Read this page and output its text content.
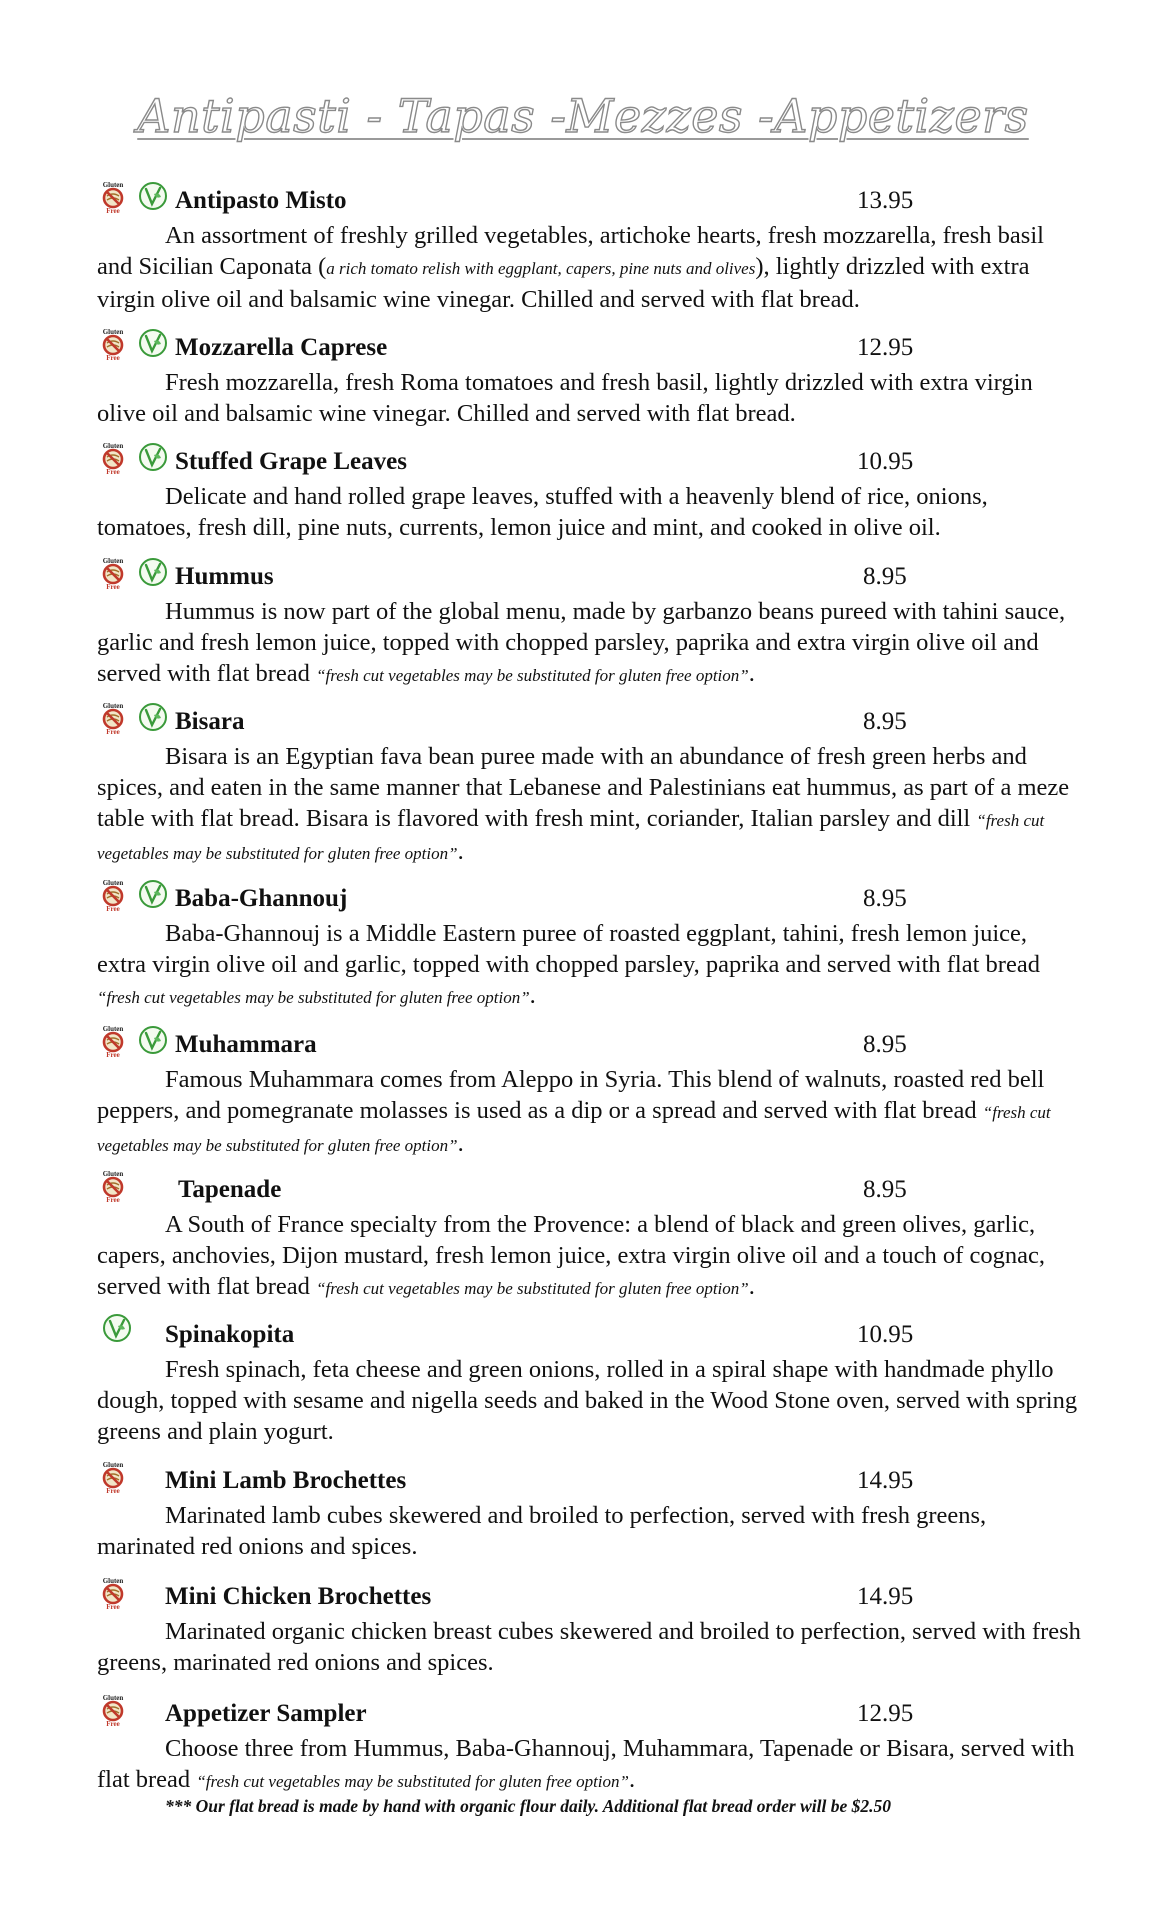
Antipasti - Tapas -Mezzes -Appetizers
Antipasto Misto	13.95

An assortment of freshly grilled vegetables, artichoke hearts, fresh mozzarella, fresh basil and Sicilian Caponata (a rich tomato relish with eggplant, capers, pine nuts and olives), lightly drizzled with extra virgin olive oil and balsamic wine vinegar. Chilled and served with flat bread.

Mozzarella Caprese	12.95

Fresh mozzarella, fresh Roma tomatoes and fresh basil, lightly drizzled with extra virgin olive oil and balsamic wine vinegar. Chilled and served with flat bread.

Stuffed Grape Leaves	10.95

Delicate and hand rolled grape leaves, stuffed with a heavenly blend of rice, onions, tomatoes, fresh dill, pine nuts, currents, lemon juice and mint, and cooked in olive oil.

Hummus	8.95

Hummus is now part of the global menu, made by garbanzo beans pureed with tahini sauce, garlic and fresh lemon juice, topped with chopped parsley, paprika and extra virgin olive oil and served with flat bread “fresh cut vegetables may be substituted for gluten free option”.

Bisara	8.95

Bisara is an Egyptian fava bean puree made with an abundance of fresh green herbs and spices, and eaten in the same manner that Lebanese and Palestinians eat hummus, as part of a meze table with flat bread. Bisara is flavored with fresh mint, coriander, Italian parsley and dill “fresh cut vegetables may be substituted for gluten free option”.

Baba-Ghannouj	8.95

Baba-Ghannouj is a Middle Eastern puree of roasted eggplant, tahini, fresh lemon juice, extra virgin olive oil and garlic, topped with chopped parsley, paprika and served with flat bread “fresh cut vegetables may be substituted for gluten free option”.

Muhammara	8.95

Famous Muhammara comes from Aleppo in Syria. This blend of walnuts, roasted red bell peppers, and pomegranate molasses is used as a dip or a spread and served with flat bread “fresh cut vegetables may be substituted for gluten free option”.

Tapenade	8.95

A South of France specialty from the Provence: a blend of black and green olives, garlic, capers, anchovies, Dijon mustard, fresh lemon juice, extra virgin olive oil and a touch of cognac, served with flat bread “fresh cut vegetables may be substituted for gluten free option”.

Spinakopita	10.95

Fresh spinach, feta cheese and green onions, rolled in a spiral shape with handmade phyllo dough, topped with sesame and nigella seeds and baked in the Wood Stone oven, served with spring greens and plain yogurt.

Mini Lamb Brochettes	14.95

Marinated lamb cubes skewered and broiled to perfection, served with fresh greens, marinated red onions and spices.

Mini Chicken Brochettes	14.95

Marinated organic chicken breast cubes skewered and broiled to perfection, served with fresh greens, marinated red onions and spices.

Appetizer Sampler	12.95

Choose three from Hummus, Baba-Ghannouj, Muhammara, Tapenade or Bisara, served with flat bread “fresh cut vegetables may be substituted for gluten free option”.

*** Our flat bread is made by hand with organic flour daily. Additional flat bread order will be $2.50
